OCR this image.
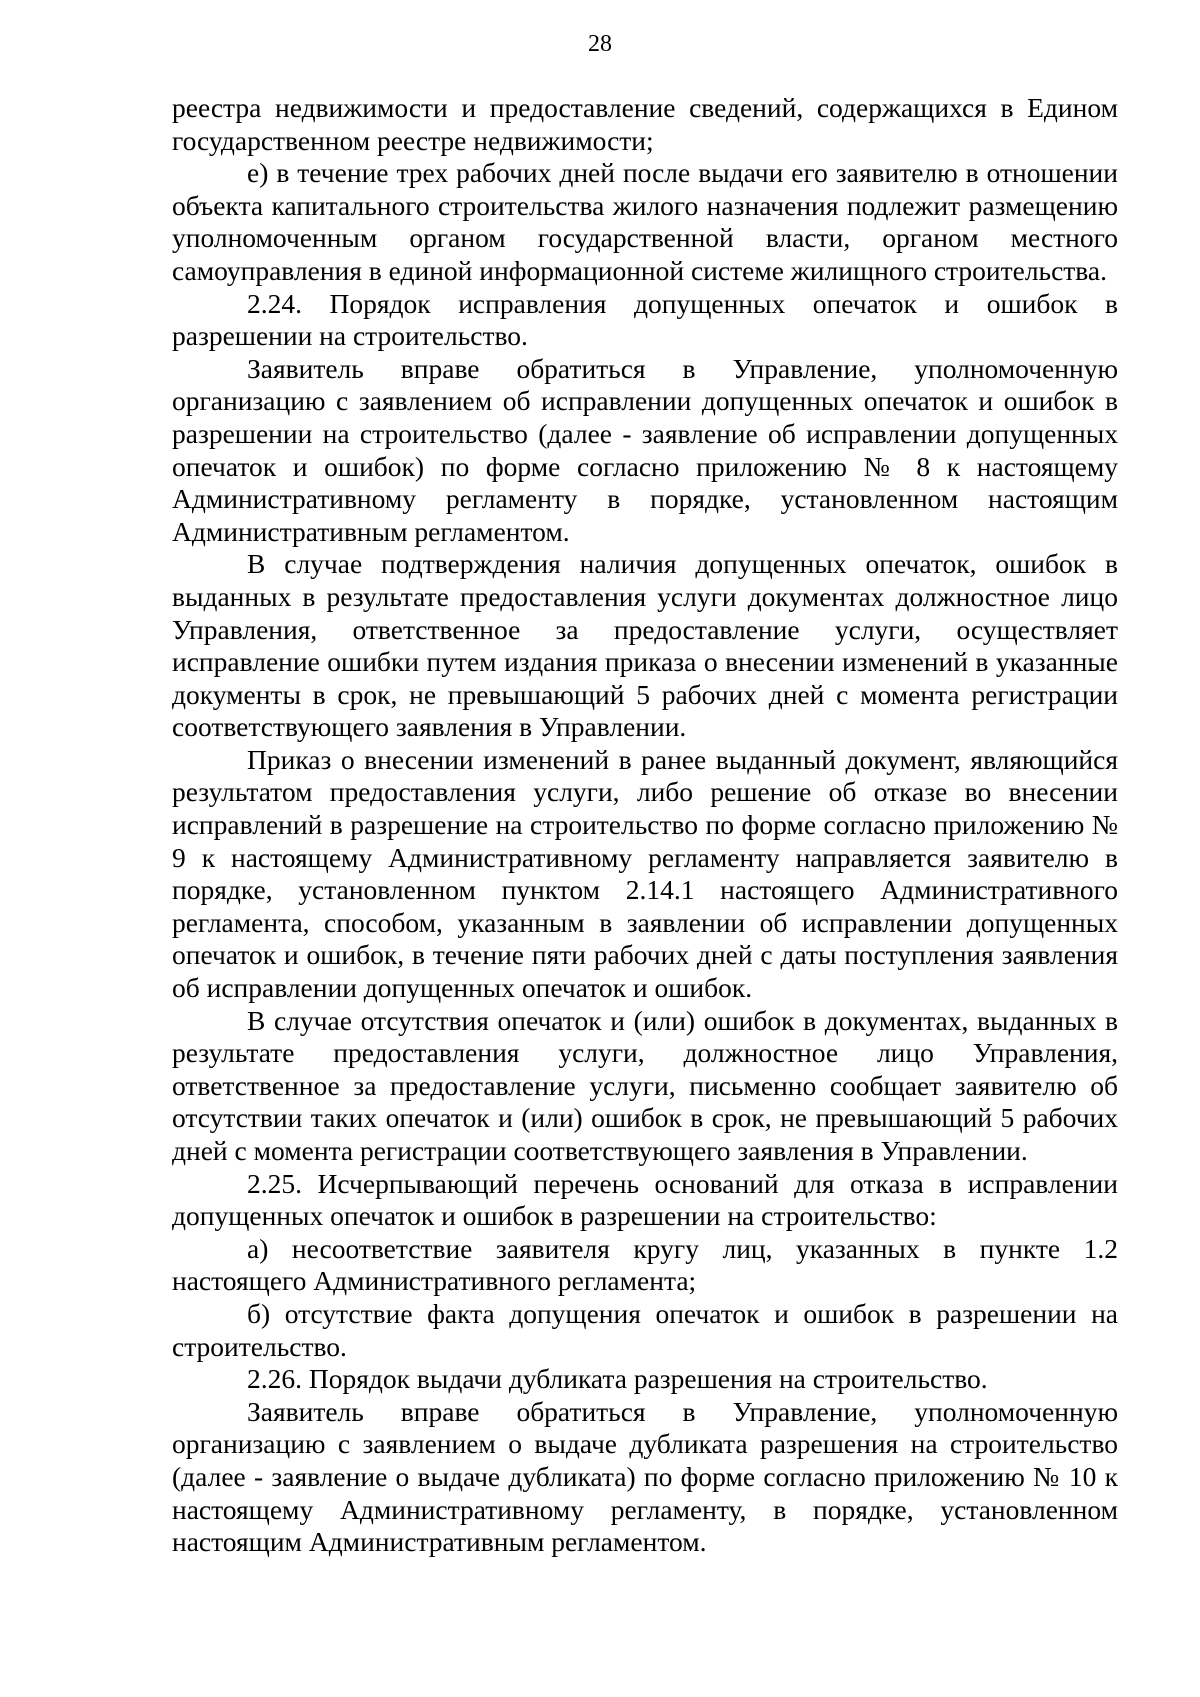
28

реестра недвижимости и предоставление сведений, содержащихся в Едином государственном реестре недвижимости;

е) в течение трех рабочих дней после выдачи его заявителю в отношении объекта капитального строительства жилого назначения подлежит размещению уполномоченным органом государственной власти, органом местного самоуправления в единой информационной системе жилищного строительства.

2.24. Порядок исправления допущенных опечаток и ошибок в разрешении на строительство.

Заявитель вправе обратиться в Управление, уполномоченную организацию с заявлением об исправлении допущенных опечаток и ошибок в разрешении на строительство (далее - заявление об исправлении допущенных опечаток и ошибок) по форме согласно приложению № 8 к настоящему Административному регламенту в порядке, установленном настоящим Административным регламентом.

В случае подтверждения наличия допущенных опечаток, ошибок в выданных в результате предоставления услуги документах должностное лицо Управления, ответственное за предоставление услуги, осуществляет исправление ошибки путем издания приказа о внесении изменений в указанные документы в срок, не превышающий 5 рабочих дней с момента регистрации соответствующего заявления в Управлении.

Приказ о внесении изменений в ранее выданный документ, являющийся результатом предоставления услуги, либо решение об отказе во внесении исправлений в разрешение на строительство по форме согласно приложению № 9 к настоящему Административному регламенту направляется заявителю в порядке, установленном пунктом 2.14.1 настоящего Административного регламента, способом, указанным в заявлении об исправлении допущенных опечаток и ошибок, в течение пяти рабочих дней с даты поступления заявления об исправлении допущенных опечаток и ошибок.

В случае отсутствия опечаток и (или) ошибок в документах, выданных в результате предоставления услуги, должностное лицо Управления, ответственное за предоставление услуги, письменно сообщает заявителю об отсутствии таких опечаток и (или) ошибок в срок, не превышающий 5 рабочих дней с момента регистрации соответствующего заявления в Управлении.

2.25. Исчерпывающий перечень оснований для отказа в исправлении допущенных опечаток и ошибок в разрешении на строительство:

а) несоответствие заявителя кругу лиц, указанных в пункте 1.2 настоящего Административного регламента;

б) отсутствие факта допущения опечаток и ошибок в разрешении на строительство.

2.26. Порядок выдачи дубликата разрешения на строительство.

Заявитель вправе обратиться в Управление, уполномоченную организацию с заявлением о выдаче дубликата разрешения на строительство (далее - заявление о выдаче дубликата) по форме согласно приложению № 10 к настоящему Административному регламенту, в порядке, установленном настоящим Административным регламентом.
